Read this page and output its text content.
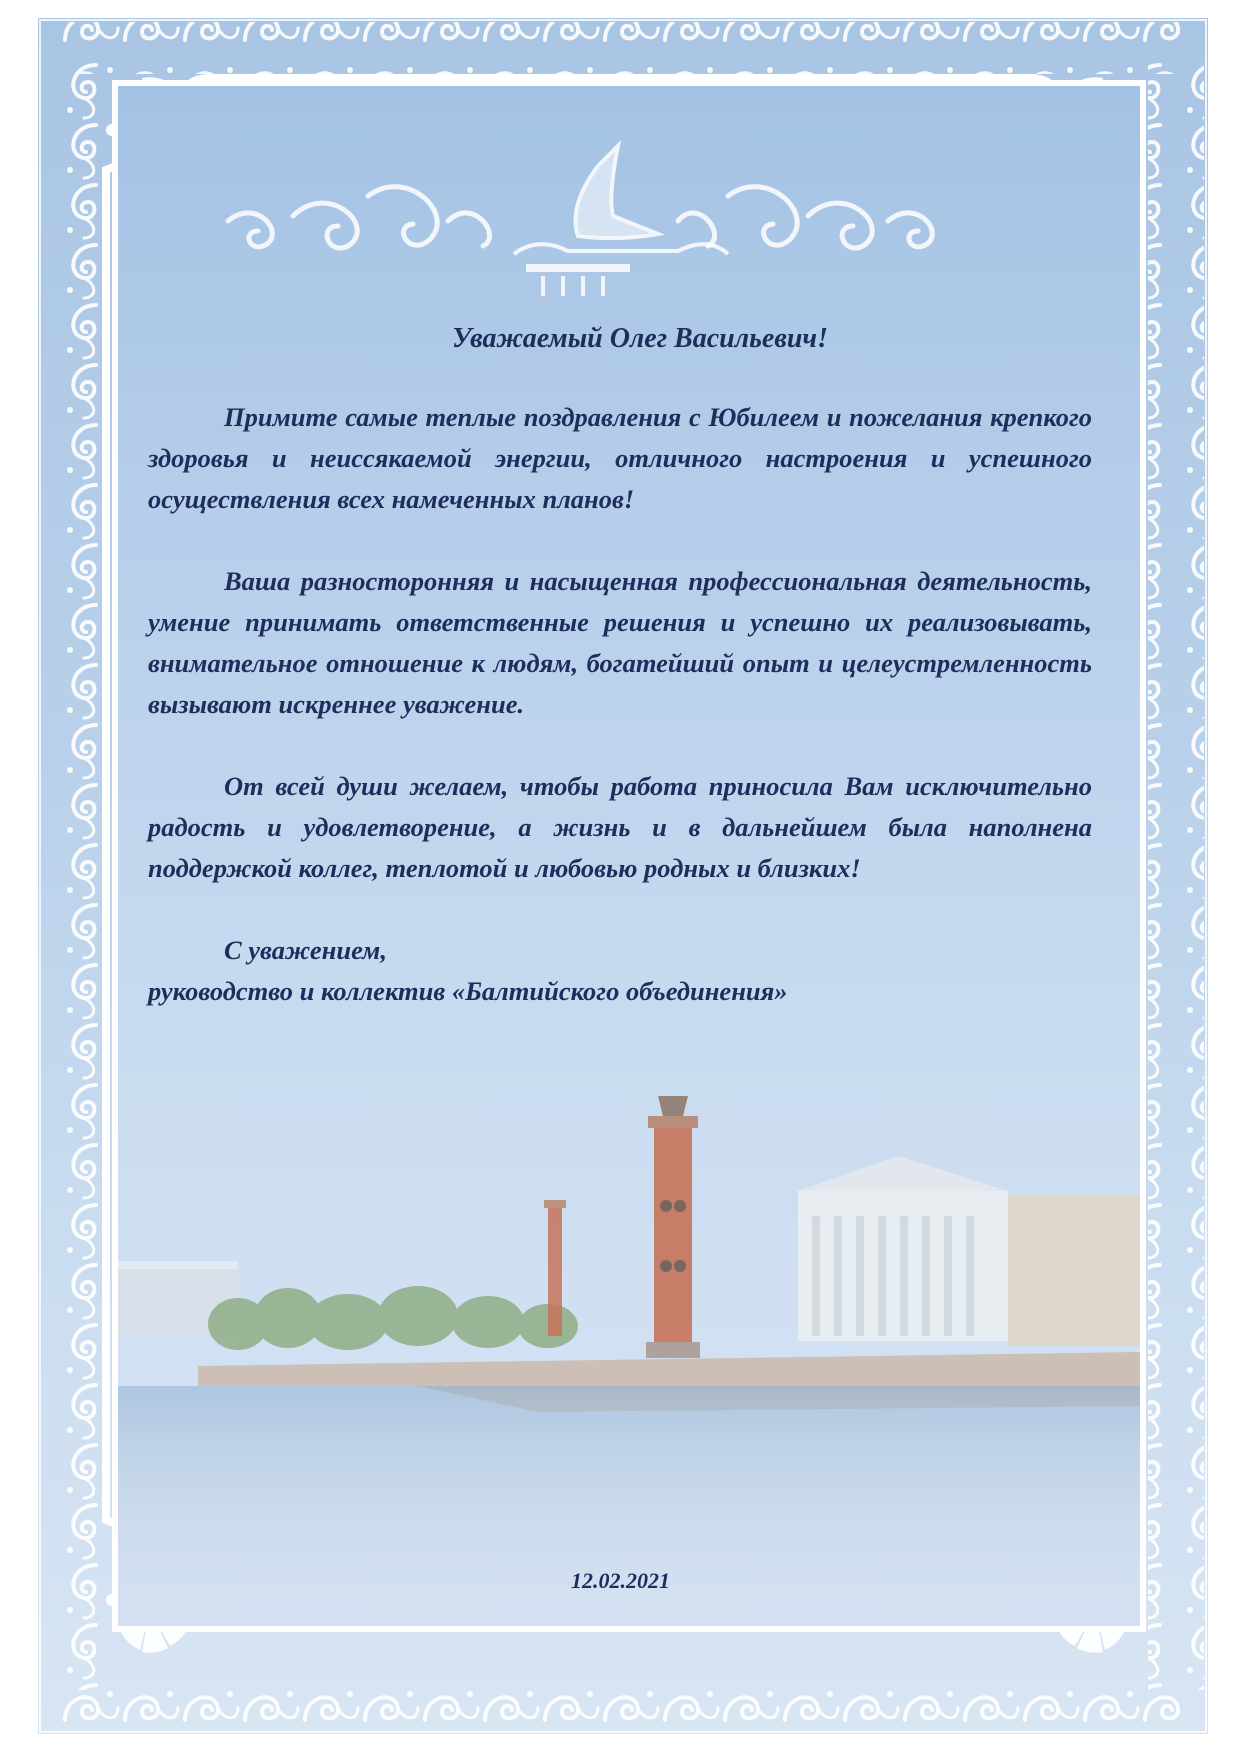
Уважаемый Олег Васильевич!

Примите самые теплые поздравления с Юбилеем и пожелания крепкого здоровья и неиссякаемой энергии, отличного настроения и успешного осуществления всех намеченных планов!

Ваша разносторонняя и насыщенная профессиональная деятельность, умение принимать ответственные решения и успешно их реализовывать, внимательное отношение к людям, богатейший опыт и целеустремленность вызывают искреннее уважение.

От всей души желаем, чтобы работа приносила Вам исключительно радость и удовлетворение, а жизнь и в дальнейшем была наполнена поддержкой коллег, теплотой и любовью родных и близких!

С уважением,

руководство и коллектив «Балтийского объединения»

12.02.2021
